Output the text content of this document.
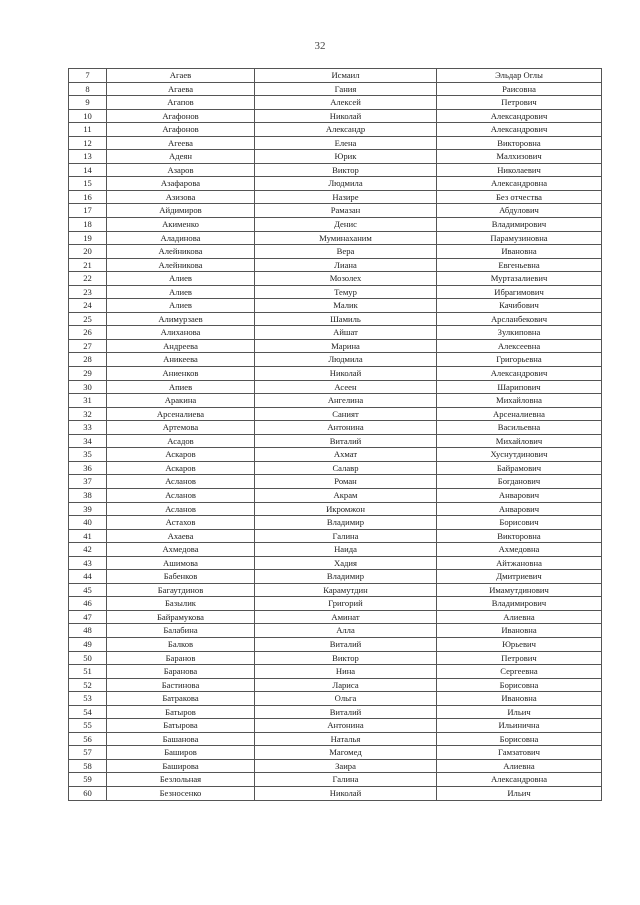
32
7	Агаев	Исмаил	Эльдар Оглы
8	Агаева	Гания	Раисовна
9	Агапов	Алексей	Петрович
10	Агафонов	Николай	Александрович
11	Агафонов	Александр	Александрович
12	Агеева	Елена	Викторовна
13	Адеян	Юрик	Малхизович
14	Азаров	Виктор	Николаевич
15	Азафарова	Людмила	Александровна
16	Азизова	Назире	Без отчества
17	Айдимиров	Рамазан	Абдулович
18	Акименко	Денис	Владимирович
19	Аладинова	Муминаханим	Парамузиновна
20	Алейникова	Вера	Ивановна
21	Алейникова	Лиана	Евгеньевна
22	Алиев	Мозолех	Муртазалиевич
23	Алиев	Темур	Ибрагимович
24	Алиев	Малик	Качибович
25	Алимурзаев	Шамиль	Арсланбекович
26	Алиханова	Айшат	Зулкиповна
27	Андреева	Марина	Алексеевна
28	Аникеева	Людмила	Григорьевна
29	Аниенков	Николай	Александрович
30	Апиев	Асеен	Шарипович
31	Аракина	Ангелина	Михайловна
32	Арсеналиева	Саният	Арсеналиевна
33	Артемова	Антонина	Васильевна
34	Асадов	Виталий	Михайлович
35	Аскаров	Ахмат	Хуснутдинович
36	Аскаров	Салавр	Байрамович
37	Асланов	Роман	Богданович
38	Асланов	Акрам	Анварович
39	Асланов	Икромжон	Анварович
40	Астахов	Владимир	Борисович
41	Ахаева	Галина	Викторовна
42	Ахмедова	Наида	Ахмедовна
43	Ашимова	Хадия	Айтжановна
44	Бабенков	Владимир	Дмитриевич
45	Багаутдинов	Карамутдин	Имамутдинович
46	Базылик	Григорий	Владимирович
47	Байрамукова	Аминат	Алиевна
48	Балабина	Алла	Ивановна
49	Балков	Виталий	Юрьевич
50	Баранов	Виктор	Петрович
51	Баранова	Нина	Сергеевна
52	Бастинова	Лариса	Борисовна
53	Батракова	Ольга	Ивановна
54	Батыров	Виталий	Ильич
55	Батырова	Антонина	Ильинична
56	Башанова	Наталья	Борисовна
57	Баширов	Магомед	Гамзатович
58	Баширова	Заира	Алиевна
59	Безлольная	Галина	Александровна
60	Безносенко	Николай	Ильич
